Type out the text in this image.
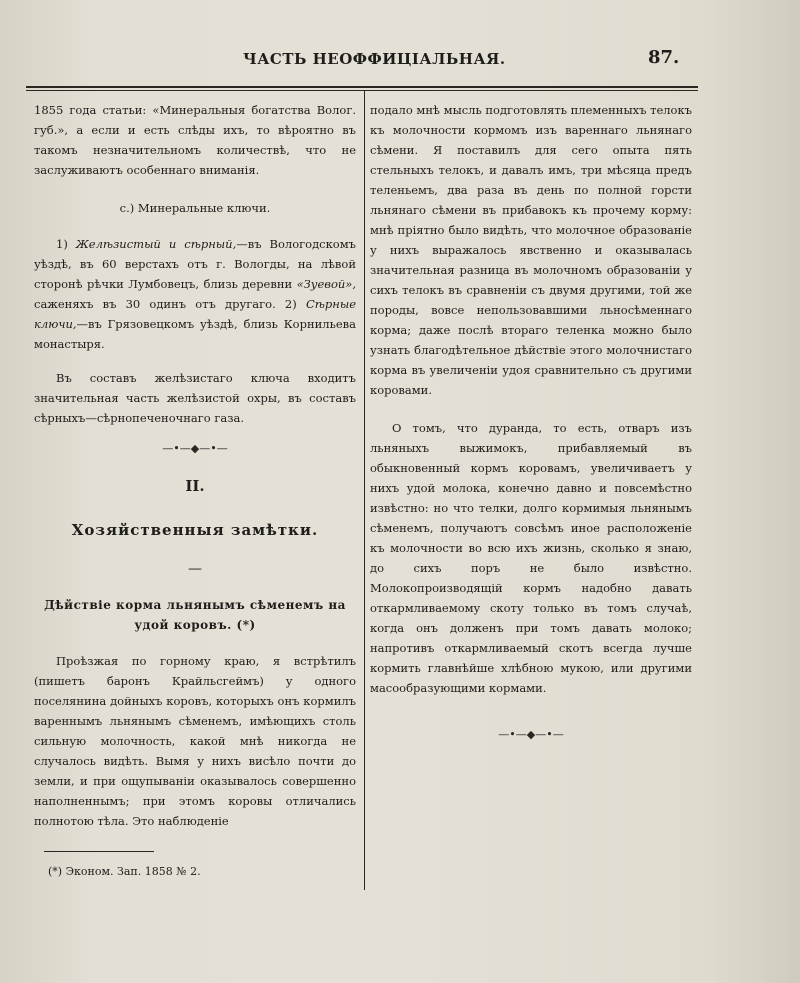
ЧАСТЬ НЕОФФИЦІАЛЬНАЯ.	87.

1855 года статьи: «Минеральныя богатства Волог. губ.», а если и есть слѣды ихъ, то вѣроятно въ такомъ незначительномъ количествѣ, что не заслуживаютъ особеннаго вниманія.

с.) Минеральные ключи.

1) Желѣзистый и сѣрный,—въ Вологодскомъ уѣздѣ, въ 60 верстахъ отъ г. Вологды, на лѣвой сторонѣ рѣчки Лумбовецъ, близь деревни «Зуевой», саженяхъ въ 30 одинъ отъ другаго. 2) Сѣрные ключи,—въ Грязовецкомъ уѣздѣ, близь Корнильева монастыря.

Въ составъ желѣзистаго ключа входитъ значительная часть желѣзистой охры, въ составъ сѣрныхъ—сѣрнопеченочнаго газа.

—•—◆—•—
II.
Хозяйственныя замѣтки.
—
Дѣйствіе корма льнянымъ сѣменемъ на удой коровъ. (*)

Проѣзжая по горному краю, я встрѣтилъ (пишетъ баронъ Крайльсгеймъ) у одного поселянина дойныхъ коровъ, которыхъ онъ кормилъ вареннымъ льнянымъ сѣменемъ, имѣющихъ столь сильную молочность, какой мнѣ никогда не случалось видѣть. Вымя у нихъ висѣло почти до земли, и при ощупываніи оказывалось совершенно наполненнымъ; при этомъ коровы отличались полнотою тѣла. Это наблюденіе

(*) Эконом. Зап. 1858 № 2.

подало мнѣ мысль подготовлять племенныхъ телокъ къ молочности кормомъ изъ вареннаго льнянаго сѣмени. Я поставилъ для сего опыта пять стельныхъ телокъ, и давалъ имъ, три мѣсяца предъ теленьемъ, два раза въ день по полной горсти льнянаго сѣмени въ прибавокъ къ прочему корму: мнѣ пріятно было видѣть, что молочное образованіе у нихъ выражалось явственно и оказывалась значительная разница въ молочномъ образованіи у сихъ телокъ въ сравненіи съ двумя другими, той же породы, вовсе непользовавшими льносѣменнаго корма; даже послѣ втораго теленка можно было узнать благодѣтельное дѣйствіе этого молочнистаго корма въ увеличеніи удоя сравнительно съ другими коровами.

О томъ, что дуранда, то есть, отваръ изъ льняныхъ выжимокъ, прибавляемый въ обыкновенный кормъ коровамъ, увеличиваетъ у нихъ удой молока, конечно давно и повсемѣстно извѣстно: но что телки, долго кормимыя льнянымъ сѣменемъ, получаютъ совсѣмъ иное расположеніе къ молочности во всю ихъ жизнь, сколько я знаю, до сихъ поръ не было извѣстно. Молокопроизводящій кормъ надобно давать откармливаемому скоту только въ томъ случаѣ, когда онъ долженъ при томъ давать молоко; напротивъ откармливаемый скотъ всегда лучше кормить главнѣйше хлѣбною мукою, или другими масообразующими кормами.

—•—◆—•—
